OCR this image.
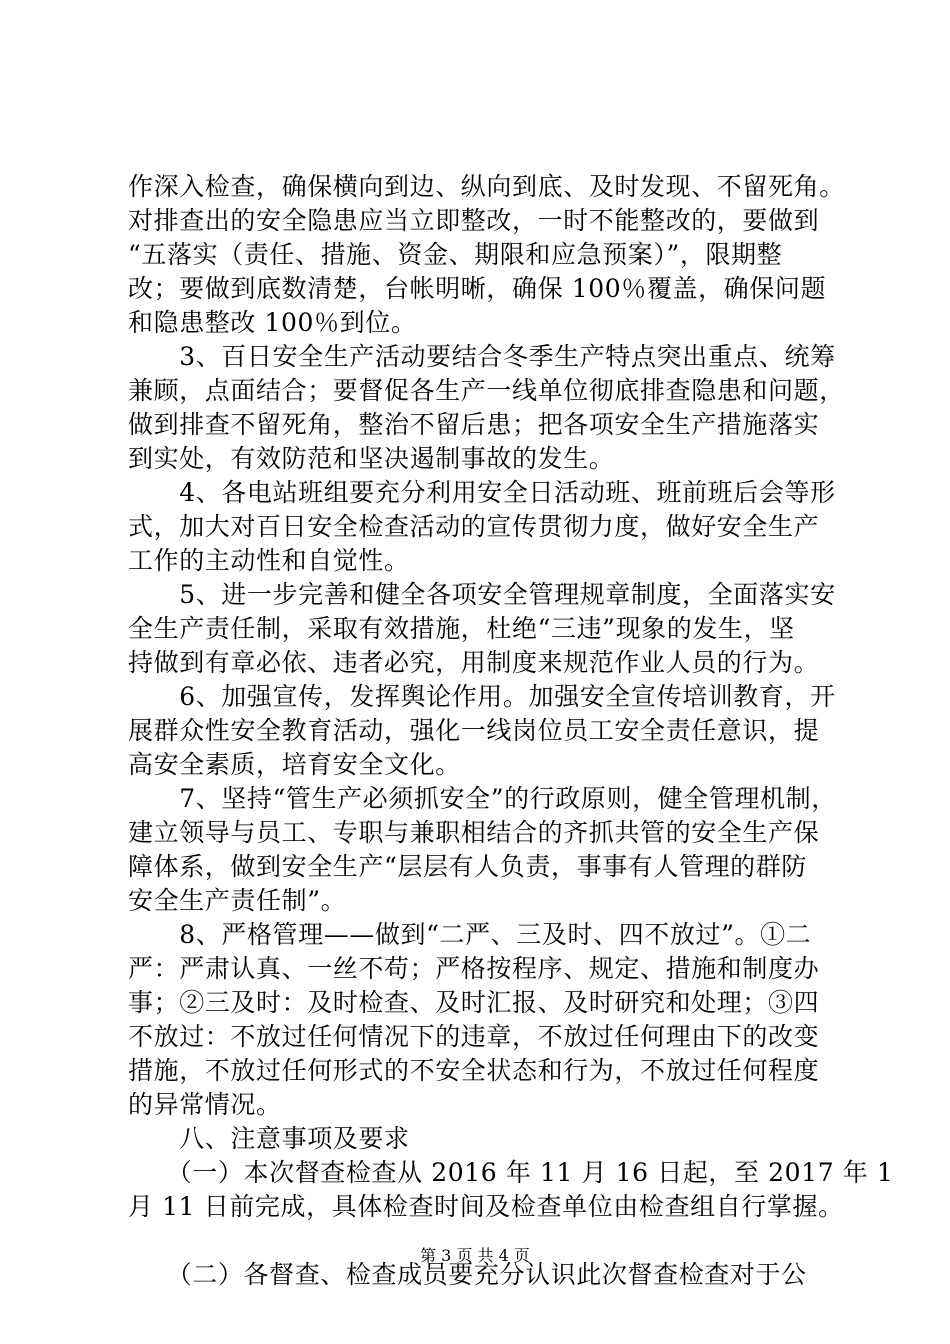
作深入检查，确保横向到边、纵向到底、及时发现、不留死角。
对排查出的安全隐患应当立即整改，一时不能整改的，要做到
“五落实（责任、措施、资金、期限和应急预案）”，限期整
改；要做到底数清楚，台帐明晰，确保 100％覆盖，确保问题
和隐患整改 100％到位。
　　3、百日安全生产活动要结合冬季生产特点突出重点、统筹
兼顾，点面结合；要督促各生产一线单位彻底排查隐患和问题，
做到排查不留死角，整治不留后患；把各项安全生产措施落实
到实处，有效防范和坚决遏制事故的发生。
　　4、各电站班组要充分利用安全日活动班、班前班后会等形
式，加大对百日安全检查活动的宣传贯彻力度，做好安全生产
工作的主动性和自觉性。
　　5、进一步完善和健全各项安全管理规章制度，全面落实安
全生产责任制，采取有效措施，杜绝“三违”现象的发生，坚
持做到有章必依、违者必究，用制度来规范作业人员的行为。
　　6、加强宣传，发挥舆论作用。加强安全宣传培训教育，开
展群众性安全教育活动，强化一线岗位员工安全责任意识，提
高安全素质，培育安全文化。
　　7、坚持“管生产必须抓安全”的行政原则，健全管理机制，
建立领导与员工、专职与兼职相结合的齐抓共管的安全生产保
障体系，做到安全生产“层层有人负责，事事有人管理的群防
安全生产责任制”。
　　8、严格管理——做到“二严、三及时、四不放过”。①二
严：严肃认真、一丝不苟；严格按程序、规定、措施和制度办
事；②三及时：及时检查、及时汇报、及时研究和处理；③四
不放过：不放过任何情况下的违章，不放过任何理由下的改变
措施，不放过任何形式的不安全状态和行为，不放过任何程度
的异常情况。
　　八、注意事项及要求
　　（一）本次督查检查从 2016 年 11 月 16 日起，至 2017 年 1
月 11 日前完成，具体检查时间及检查单位由检查组自行掌握。
　　（二）各督查、检查成员要充分认识此次督查检查对于公
第 3 页 共 4 页
